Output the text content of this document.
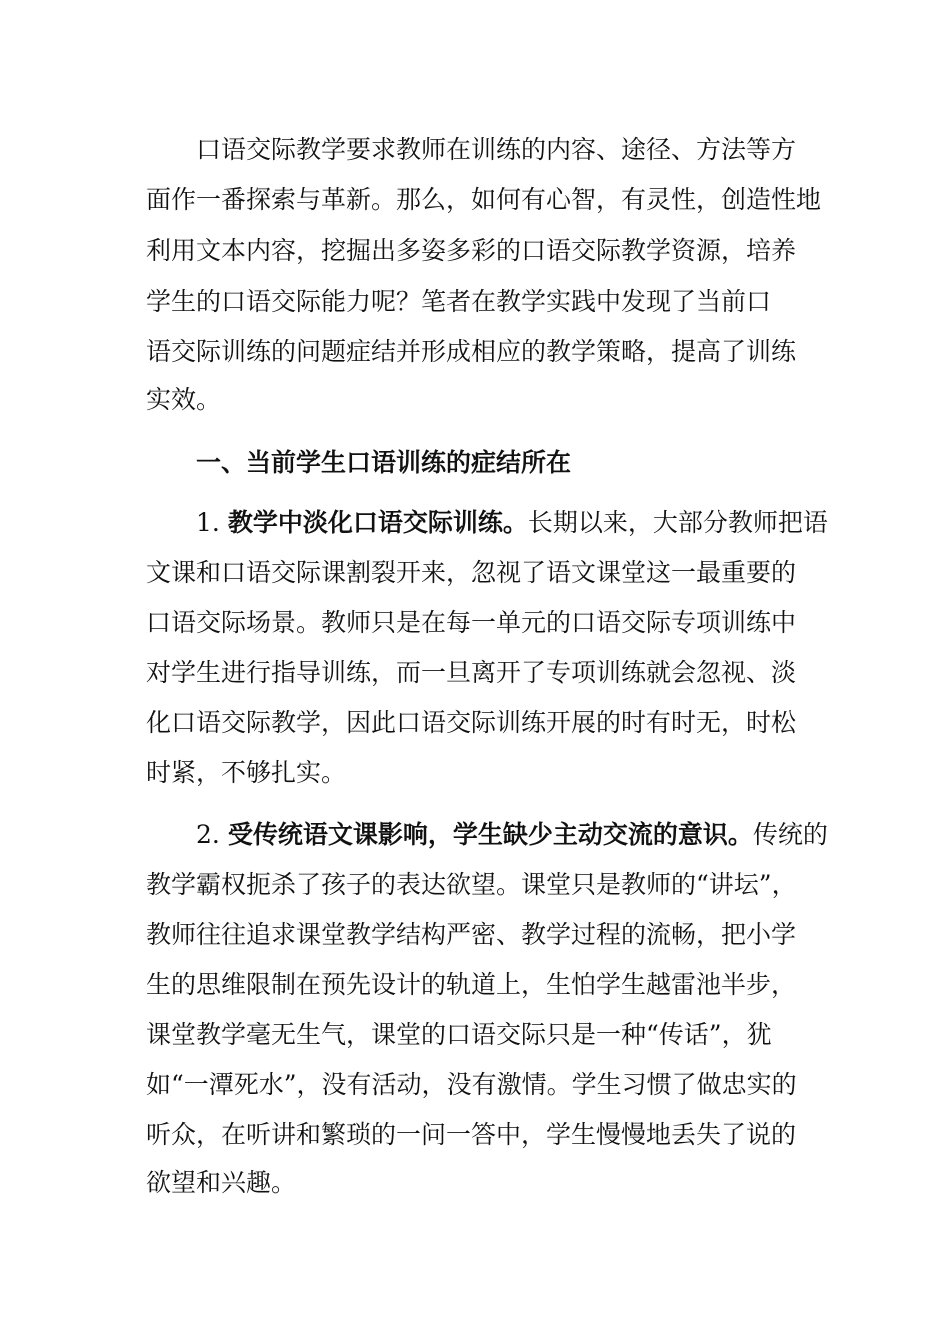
口语交际教学要求教师在训练的内容、途径、方法等方
面作一番探索与革新。那么，如何有心智，有灵性，创造性地
利用文本内容，挖掘出多姿多彩的口语交际教学资源，培养
学生的口语交际能力呢？笔者在教学实践中发现了当前口
语交际训练的问题症结并形成相应的教学策略，提高了训练
实效。
一、当前学生口语训练的症结所在
1. 教学中淡化口语交际训练。长期以来，大部分教师把语
文课和口语交际课割裂开来，忽视了语文课堂这一最重要的
口语交际场景。教师只是在每一单元的口语交际专项训练中
对学生进行指导训练，而一旦离开了专项训练就会忽视、淡
化口语交际教学，因此口语交际训练开展的时有时无，时松
时紧，不够扎实。
2. 受传统语文课影响，学生缺少主动交流的意识。传统的
教学霸权扼杀了孩子的表达欲望。课堂只是教师的“讲坛”，
教师往往追求课堂教学结构严密、教学过程的流畅，把小学
生的思维限制在预先设计的轨道上，生怕学生越雷池半步，
课堂教学毫无生气，课堂的口语交际只是一种“传话”，犹
如“一潭死水”，没有活动，没有激情。学生习惯了做忠实的
听众，在听讲和繁琐的一问一答中，学生慢慢地丢失了说的
欲望和兴趣。
